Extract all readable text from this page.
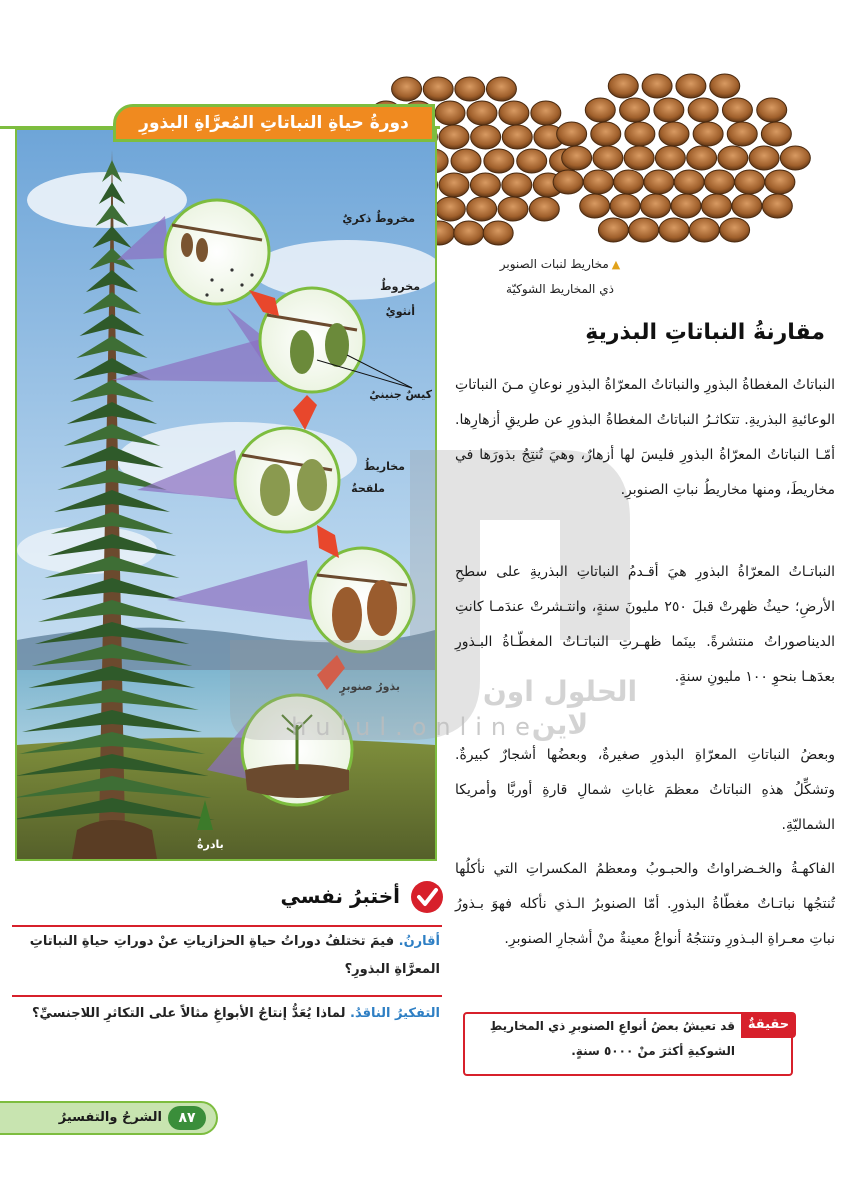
▲مخاريط لنبات الصنوبر
ذي المخاريط الشوكيّة
مخروطٌ ذكريٌ
مخروطٌ
أنثويٌ
كيسٌ جنينيٌ
مخاريطُ
ملقحةٌ
بذورُ صنوبرٍ
بادرةٌ
دورةُ حياةِ النباتاتِ المُعرَّاةِ البذورِ
الحلول اون لاين
hulul.online
مقارنةُ النباتاتِ البذريةِ
النباتاتُ المغطاةُ البذورِ والنباتاتُ المعرّاةُ البذورِ نوعانِ مـنَ النباتاتِ الوعائيةِ البذريةِ. تتكاثـرُ النباتاتُ المغطاةُ البذورِ عن طريقِ أزهارِها. أمّـا النباتاتُ المعرّاةُ البذورِ فليسَ لها أزهارٌ، وهيَ تُنتِجُ بذورَها في مخاريطَ، ومنها مخاريطُ نباتِ الصنوبرِ.
النباتـاتُ المعرّاةُ البذورِ هيَ أقـدمُ النباتاتِ البذريةِ على سطحِ الأرضِ؛ حيثُ ظهرتْ قبلَ ٢٥٠ مليونَ سنةٍ، وانتـشرتْ عندَمـا كانتِ الديناصوراتُ منتشرةً. بينَما ظهـرتِ النباتـاتُ المغطّـاةُ البـذورِ بعدَهـا بنحوِ ١٠٠ مليونِ سنةٍ.
وبعضُ النباتاتِ المعرّاةِ البذورِ صغيرةٌ، وبعضُها أشجارٌ كبيرةٌ. وتشكِّلُ هذهِ النباتاتُ معظمَ غاباتِ شمالِ قارةِ أوربَّا وأمريكا الشماليّةِ.
الفاكهـةُ والخـضراواتُ والحبـوبُ ومعظمُ المكسراتِ التي نأكلُها تُنتجُها نباتـاتٌ مغطّاةُ البذورِ. أمّا الصنوبرُ الـذي نأكله فهوَ بـذورُ نباتِ معـراةِ البـذورِ وتنتجُهُ أنواعٌ معينةٌ منْ أشجارِ الصنوبرِ.
حقيقةٌ
قد تعيشُ بعضُ أنواعِ الصنوبرِ ذي المخاريطِ الشوكيةِ أكثرَ منْ ٥٠٠٠ سنةٍ.
أختبرُ نفسي
أقارنُ. فيمَ تختلفُ دوراتُ حياةِ الحزازياتِ عنْ دوراتِ حياةِ النباتاتِ المعرَّاةِ البذورِ؟
التفكيرُ الناقدُ. لماذا يُعَدُّ إنتاجُ الأبواغِ مثالاً على التكاثرِ اللاجنسيِّ؟
٨٧
الشرحُ والتفسيرُ
